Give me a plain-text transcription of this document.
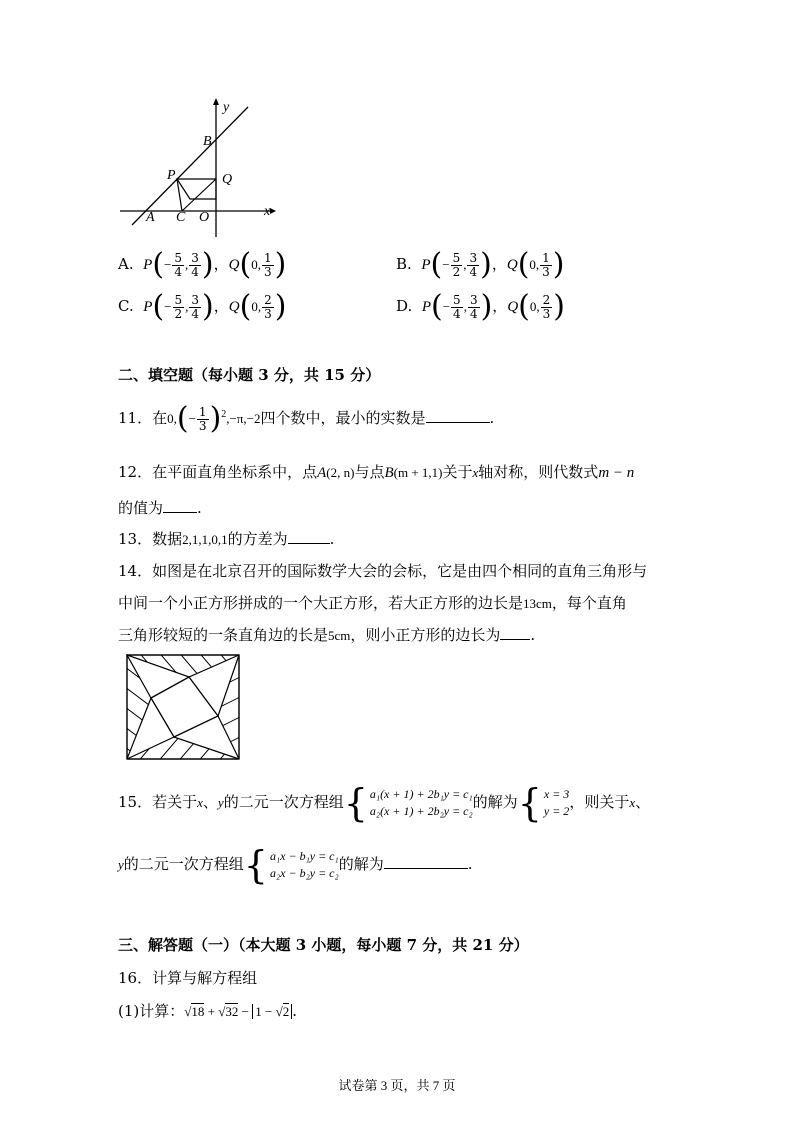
y
B
P	Q
A C O	x
A. $P(- \frac{5}{4}$ , $\frac{3}{4}$ )，Q(0, $\frac{1}{3}$ )	B. $P(- \frac{5}{2}$ , $\frac{3}{4}$ )，Q(0, $\frac{1}{3}$ )
C. $P(- \frac{5}{2}$ , $\frac{3}{4}$ )，Q(0, $\frac{2}{3}$ )	D. $P(- \frac{5}{4}$ , $\frac{3}{4}$ )，Q(0, $\frac{2}{3}$ )
二、填空题（每小题 3 分，共 15 分）
11．在$0,(- \frac{1}{3} )^2,-\pi,-2$四个数中，最小的实数是	.
12．在平面直角坐标系中，点A(2, n)与点B(m + 1,1)关于x轴对称，则代数式m − n
的值为 .
13．数据2,1,1,0,1的方差为	.
14．如图是在北京召开的国际数学大会的会标，它是由四个相同的直角三角形与
中间一个小正方形拼成的一个大正方形，若大正方形的边长是13cm，每个直角
三角形较短的一条直角边的长是5cm，则小正方形的边长为 .
15．若关于x、y的二元一次方程组 { a₁(x + 1) + 2b₁y = c₁
a₂(x + 1) + 2b₂y = c₂ 的解为 { x = 3
y = 2 ，则关于x、
y的二元一次方程组 { a₁x − b₁y = c₁
a₂x − b₂y = c₂ 的解为	.
三、解答题（一）（本大题 3 小题，每小题 7 分，共 21 分）
16．计算与解方程组
(1)计算：√18 + √32 − 1 − √2 .
试卷第 3 页，共 7 页
